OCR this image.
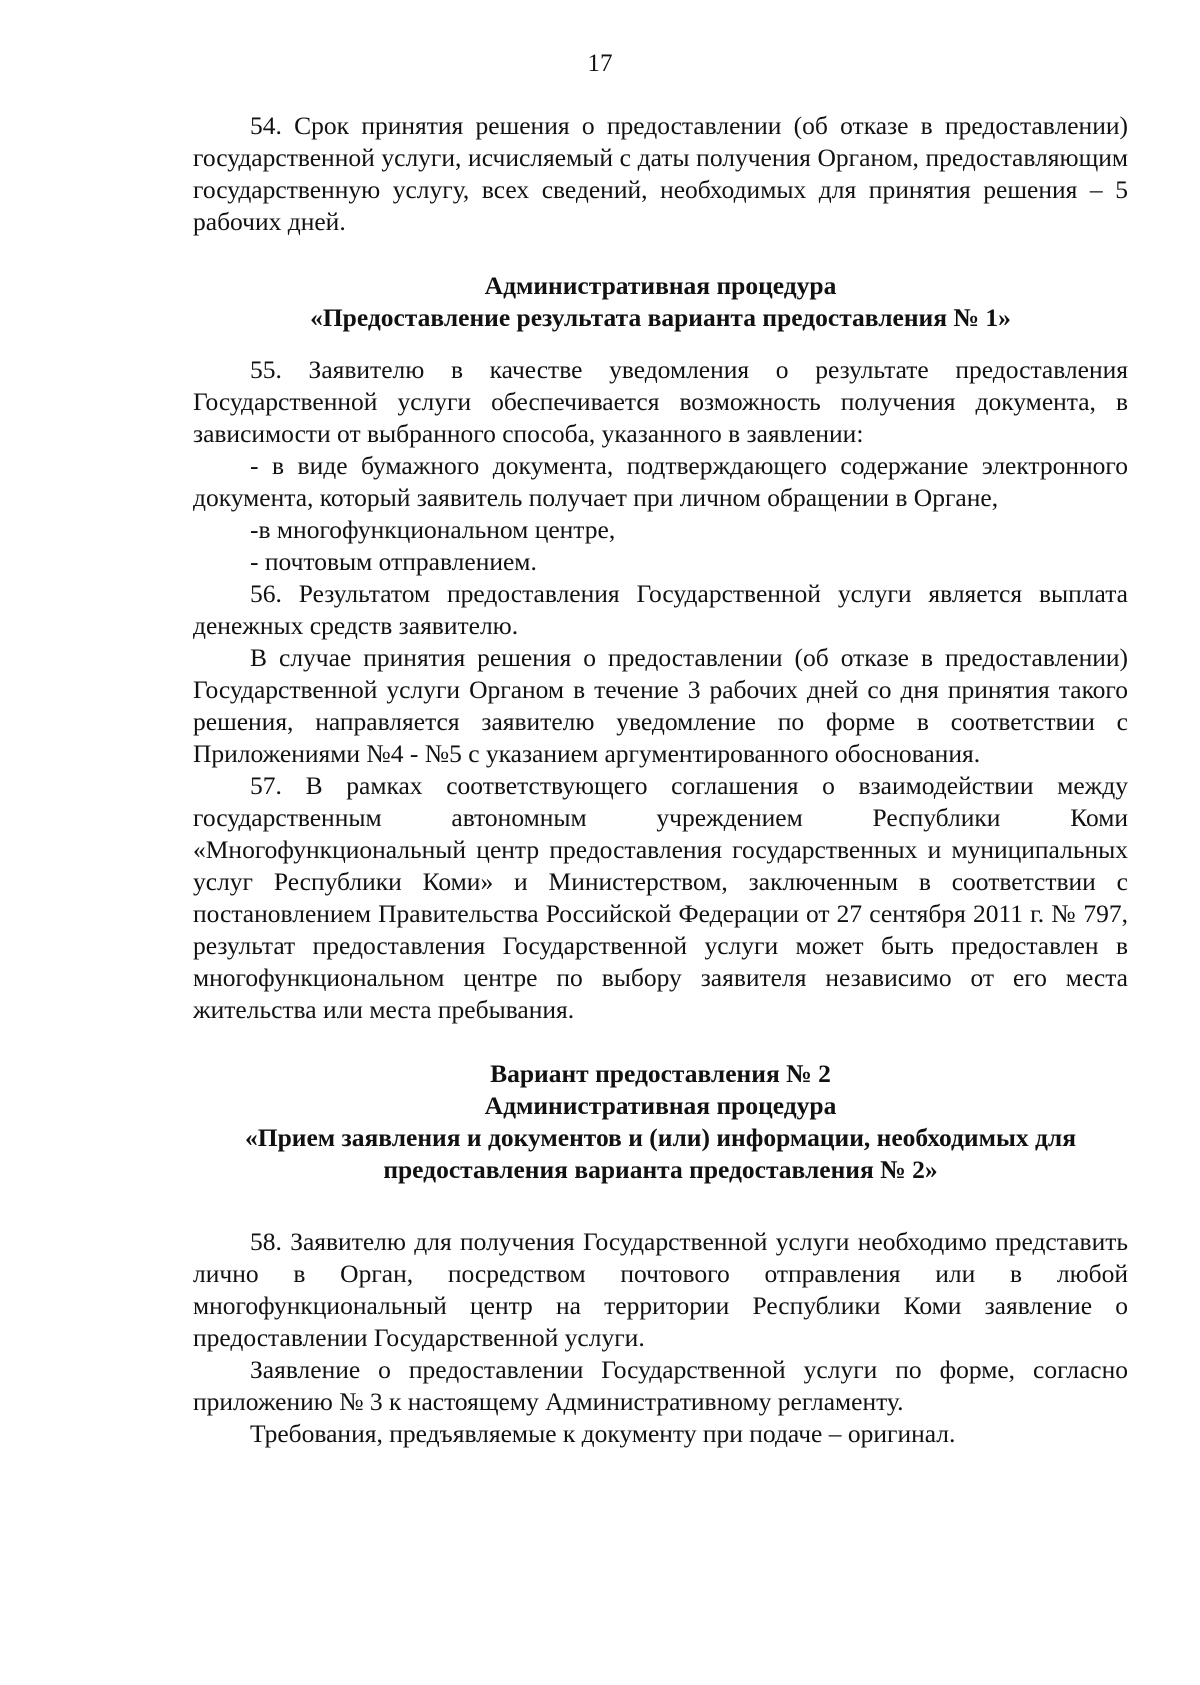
17

54. Срок принятия решения о предоставлении (об отказе в предоставлении) государственной услуги, исчисляемый с даты получения Органом, предоставляющим государственную услугу, всех сведений, необходимых для принятия решения – 5 рабочих дней.

Административная процедура
«Предоставление результата варианта предоставления № 1»

55. Заявителю в качестве уведомления о результате предоставления Государственной услуги обеспечивается возможность получения документа, в зависимости от выбранного способа, указанного в заявлении:

- в виде бумажного документа, подтверждающего содержание электронного документа, который заявитель получает при личном обращении в Органе,

-в многофункциональном центре,

- почтовым отправлением.

56. Результатом предоставления Государственной услуги является выплата денежных средств заявителю.

В случае принятия решения о предоставлении (об отказе в предоставлении) Государственной услуги Органом в течение 3 рабочих дней со дня принятия такого решения, направляется заявителю уведомление по форме в соответствии с Приложениями №4 - №5 с указанием аргументированного обоснования.

57. В рамках соответствующего соглашения о взаимодействии между государственным автономным учреждением Республики Коми «Многофункциональный центр предоставления государственных и муниципальных услуг Республики Коми» и Министерством, заключенным в соответствии с постановлением Правительства Российской Федерации от 27 сентября 2011 г. № 797, результат предоставления Государственной услуги может быть предоставлен в многофункциональном центре по выбору заявителя независимо от его места жительства или места пребывания.

Вариант предоставления № 2
Административная процедура
«Прием заявления и документов и (или) информации, необходимых для
предоставления варианта предоставления № 2»

58. Заявителю для получения Государственной услуги необходимо представить лично в Орган, посредством почтового отправления или в любой многофункциональный центр на территории Республики Коми заявление о предоставлении Государственной услуги.

Заявление о предоставлении Государственной услуги по форме, согласно приложению № 3 к настоящему Административному регламенту.

Требования, предъявляемые к документу при подаче – оригинал.
